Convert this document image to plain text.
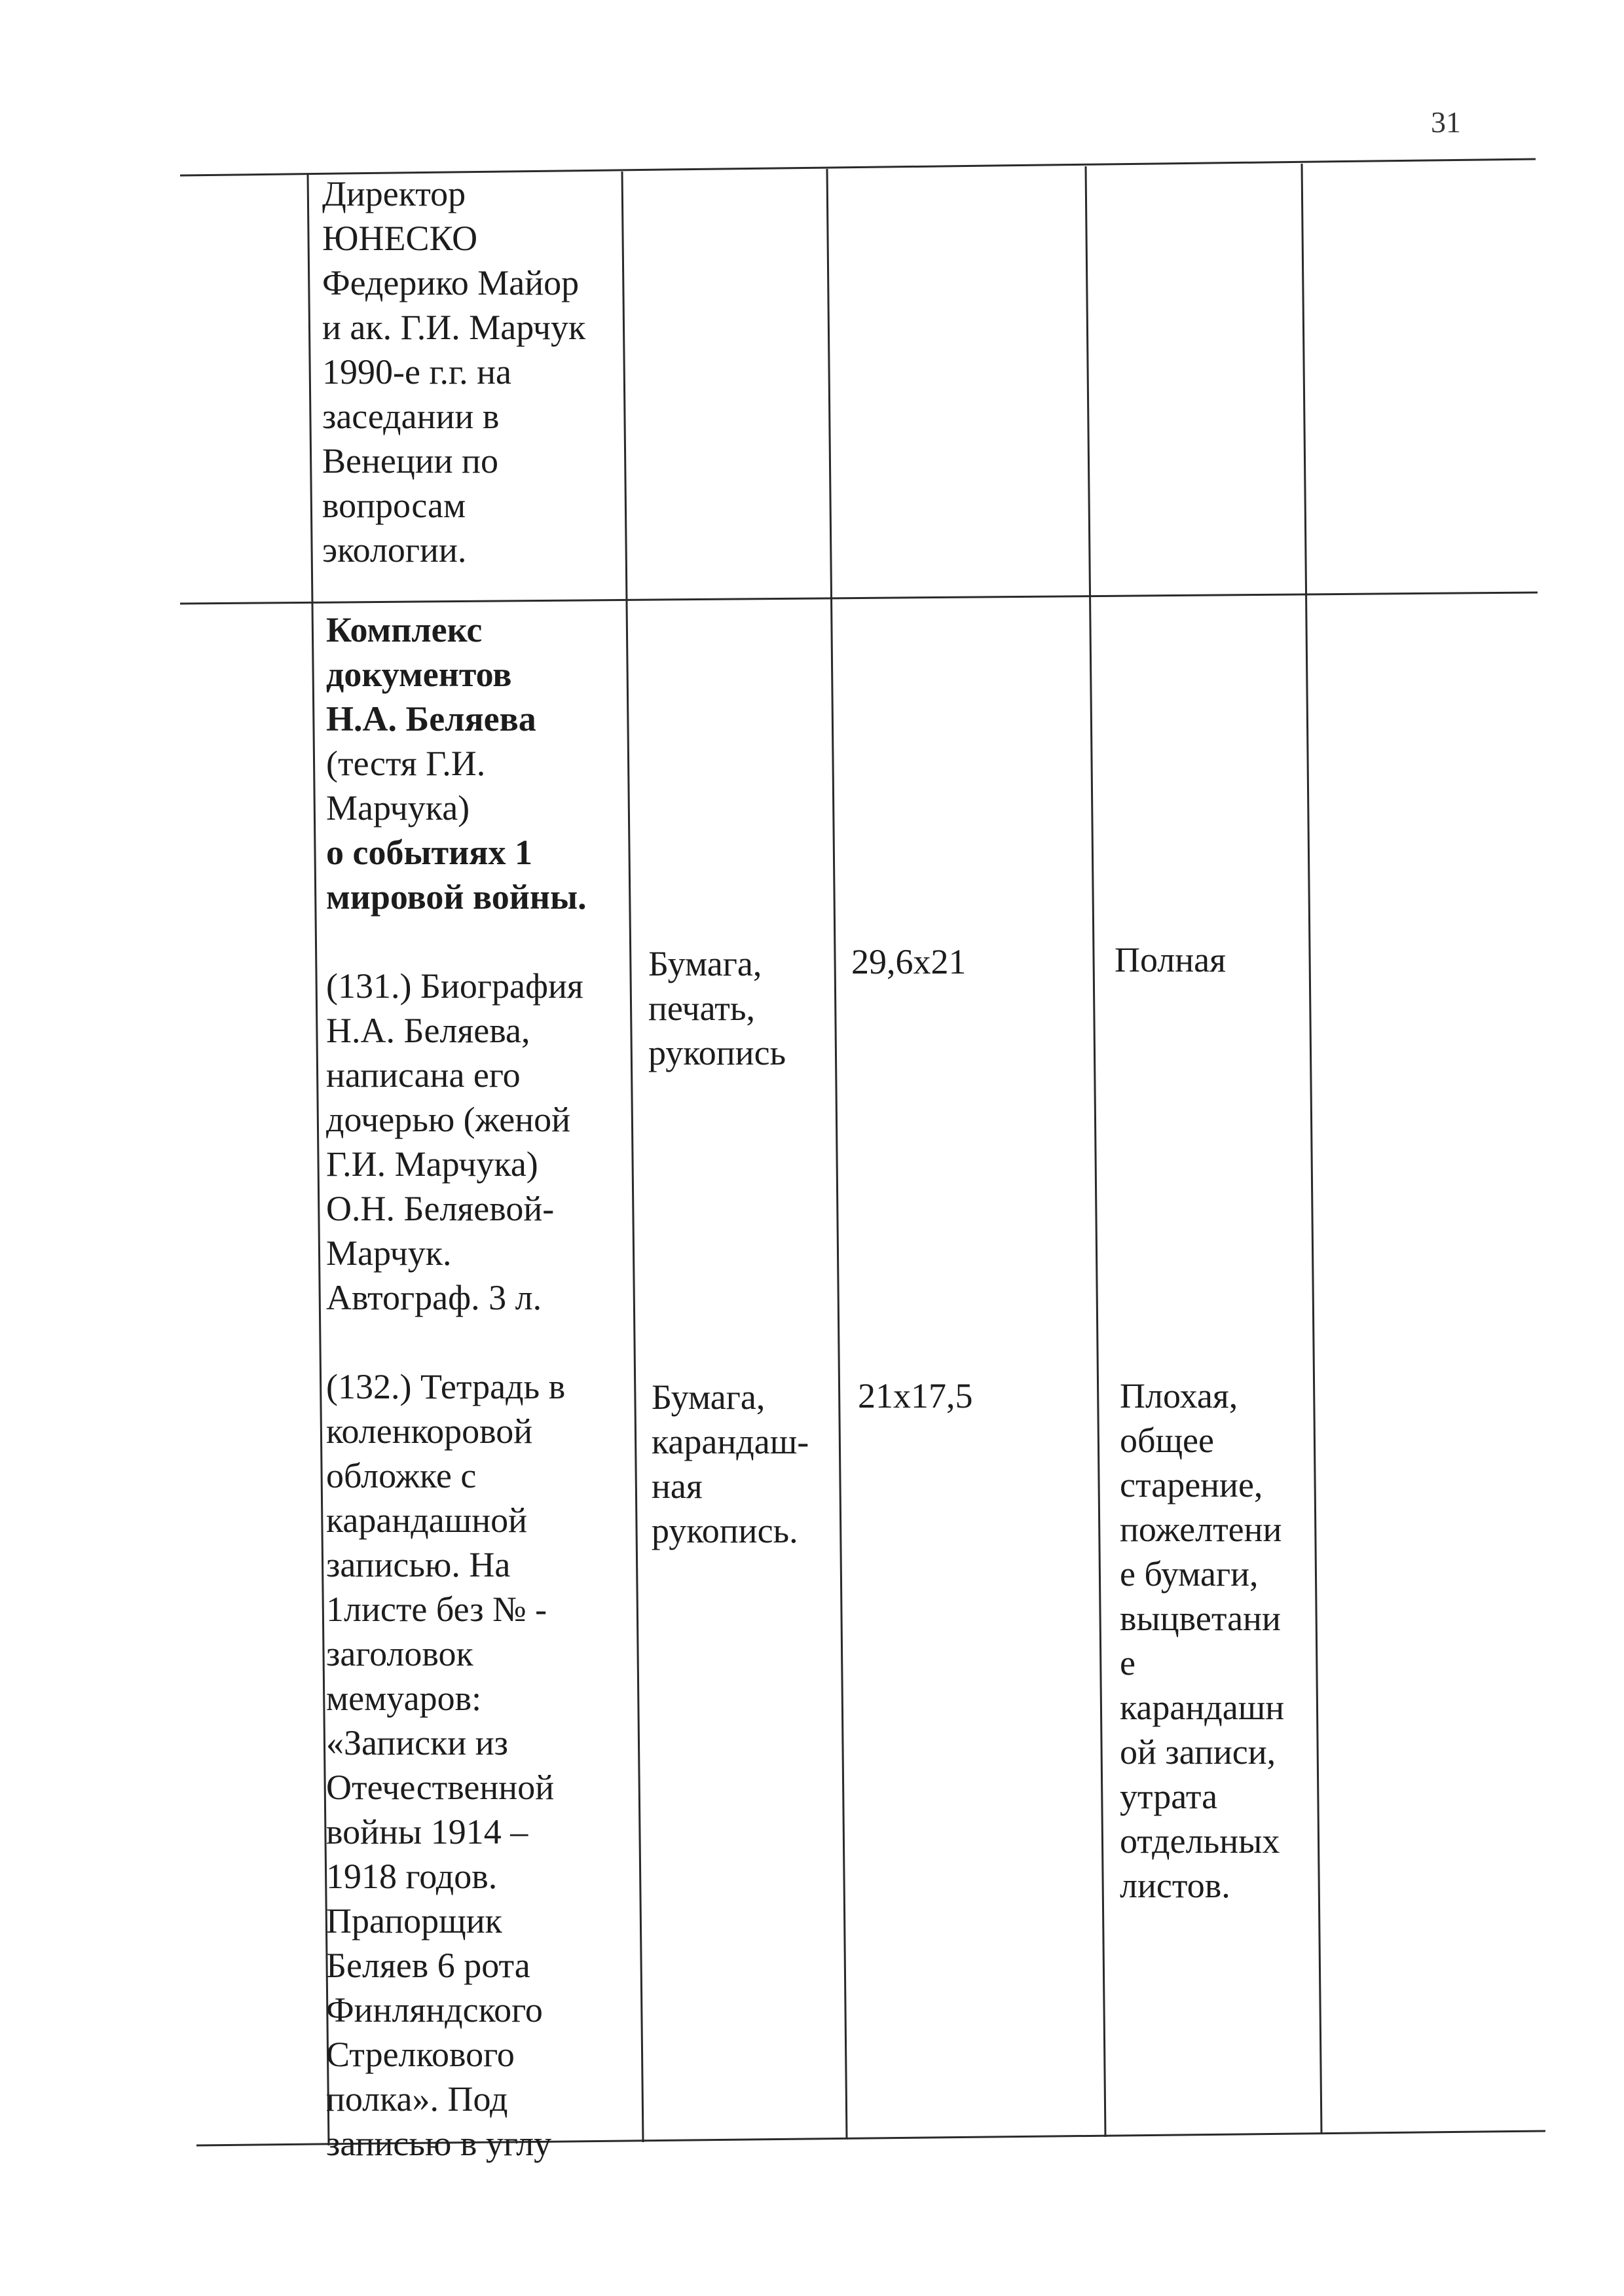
31
Директор
ЮНЕСКО
Федерико Майор
и ак. Г.И. Марчук
1990-е г.г. на
заседании в
Венеции по
вопросам
экологии.
Комплекс
документов
Н.А. Беляева
(тестя Г.И.
Марчука)
о событиях 1
мировой войны.
(131.) Биография
Н.А. Беляева,
написана его
дочерью (женой
Г.И. Марчука)
О.Н. Беляевой-
Марчук.
Автограф. 3 л.
(132.) Тетрадь в
коленкоровой
обложке с
карандашной
записью. На
1листе без № -
заголовок
мемуаров:
«Записки из
Отечественной
войны 1914 –
1918 годов.
Прапорщик
Беляев 6 рота
Финляндского
Стрелкового
полка». Под
записью в углу
Бумага,
печать,
рукопись
29,6x21	Полная
Бумага,
карандаш-
ная
рукопись.
21x17,5	Плохая,
общее
старение,
пожелтени
е бумаги,
выцветани
е
карандашн
ой записи,
утрата
отдельных
листов.
